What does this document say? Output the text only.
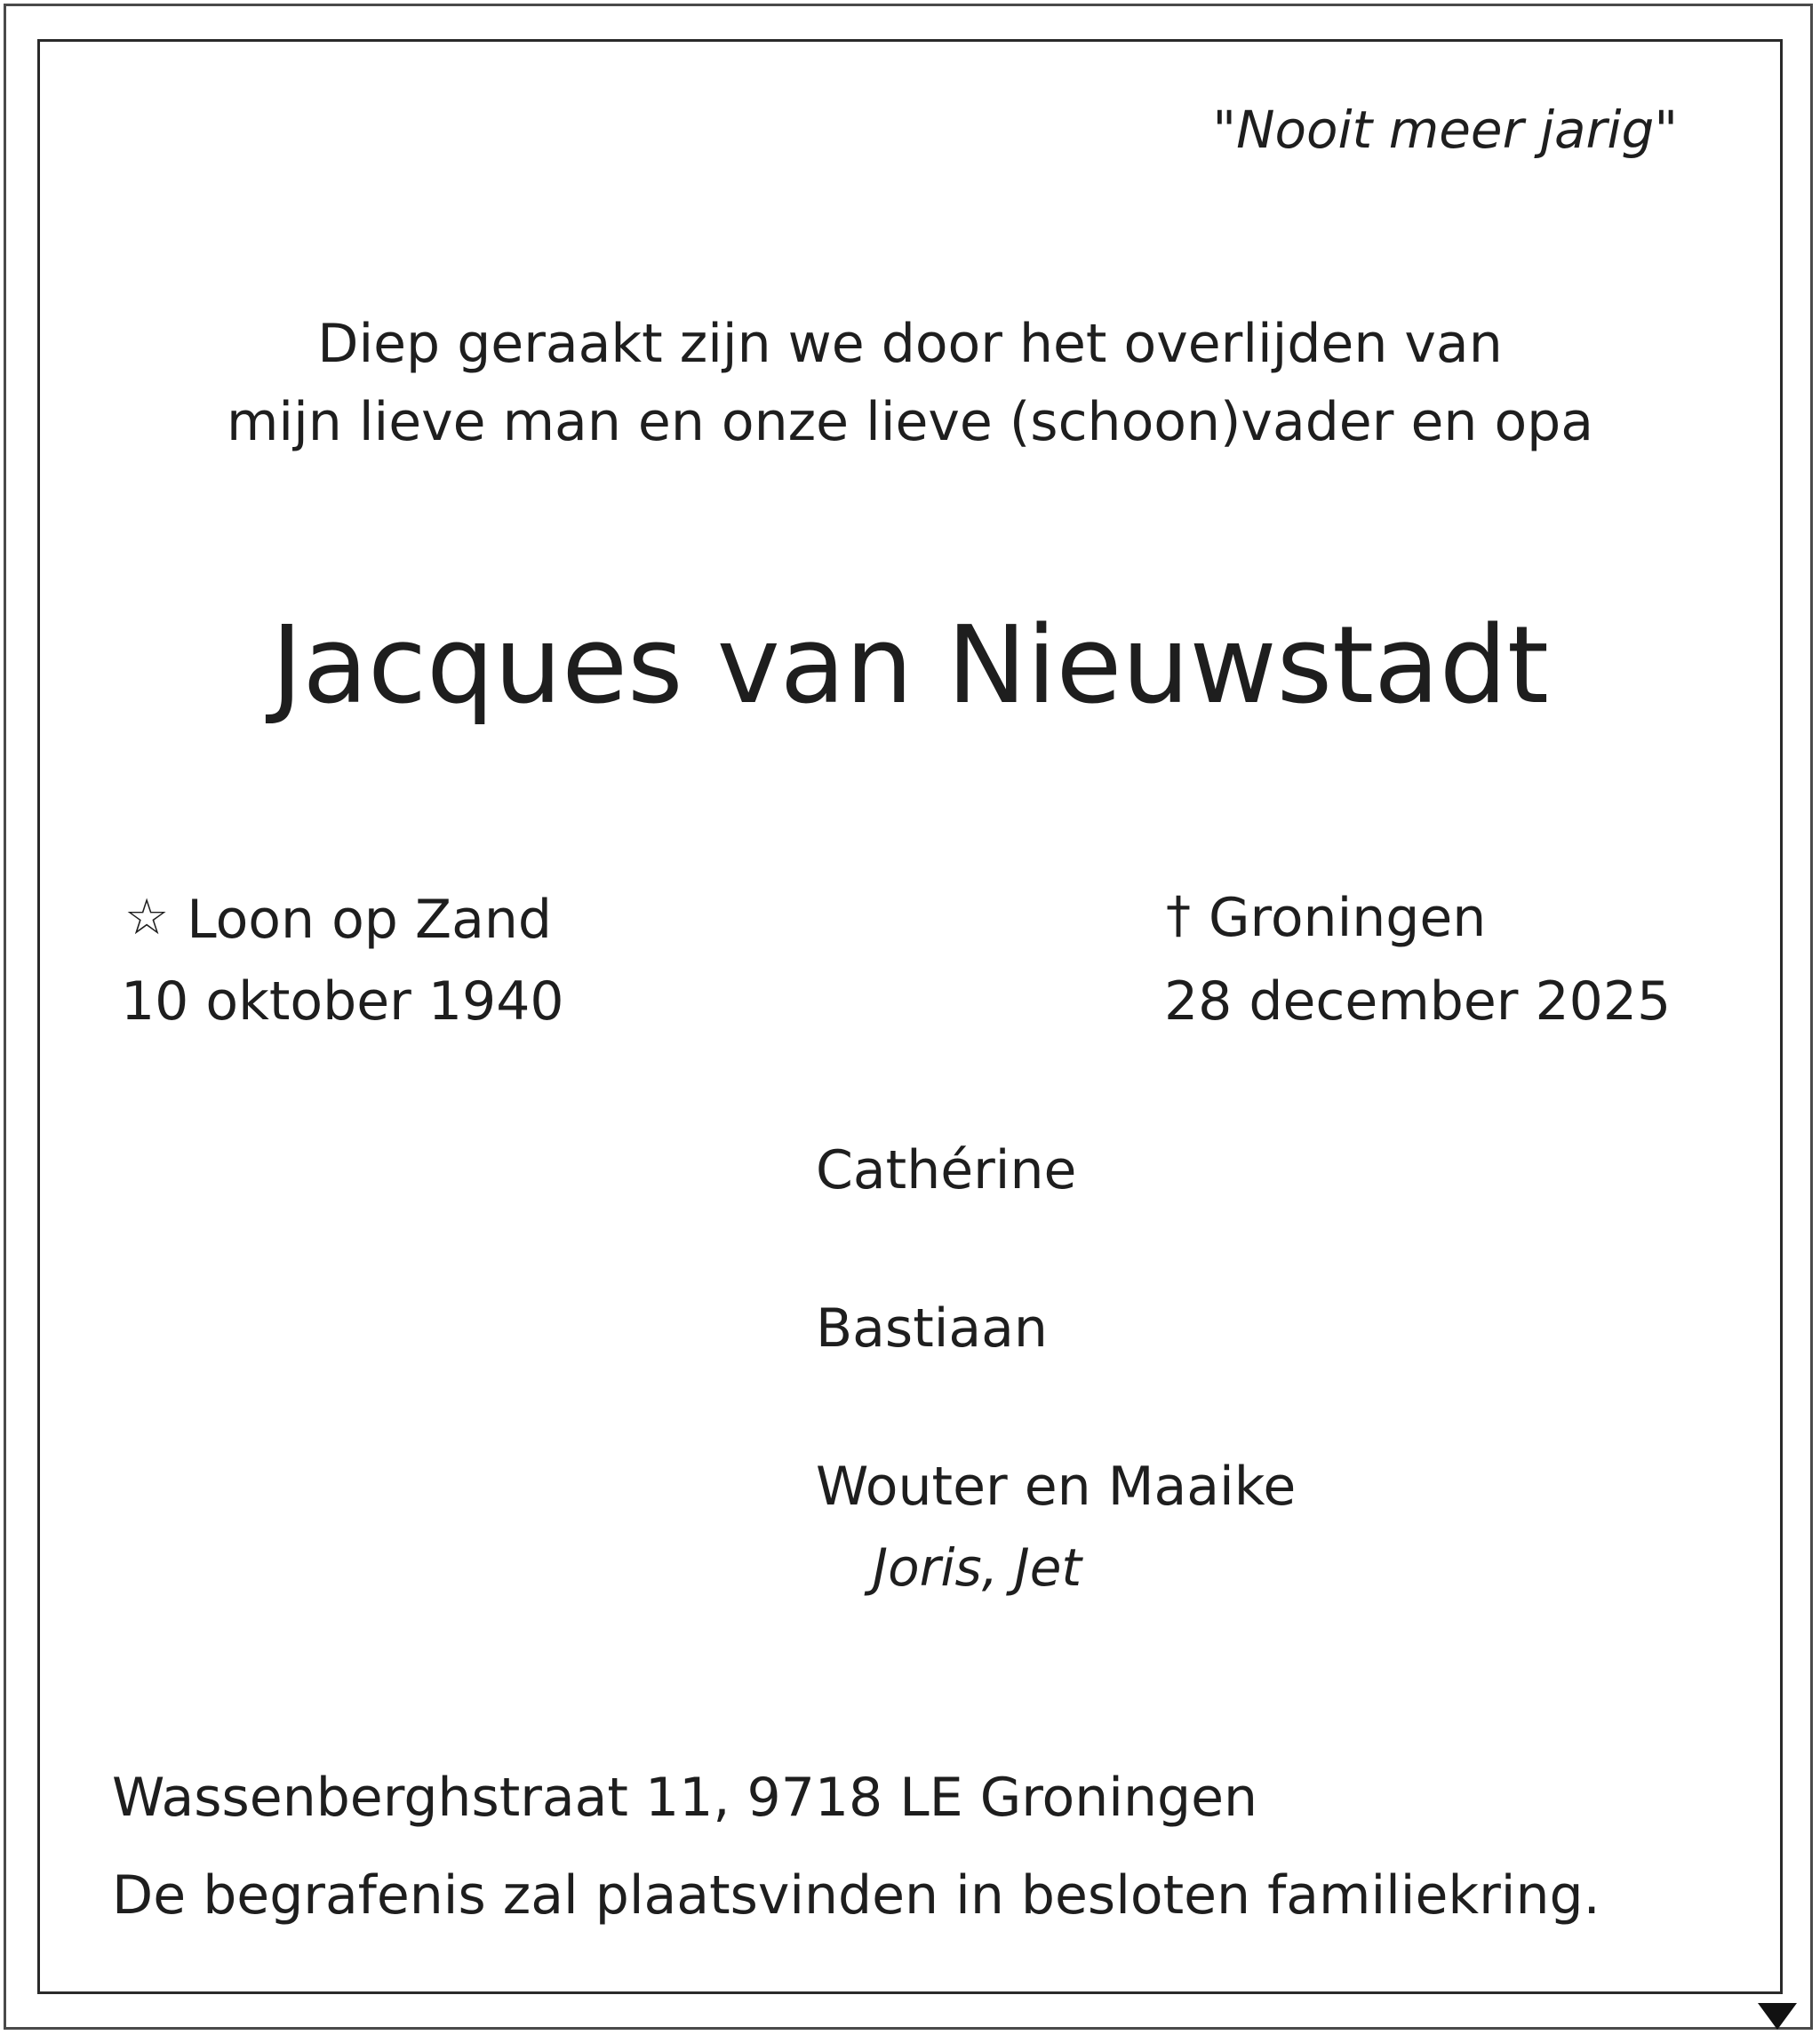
"Nooit meer jarig"

Diep geraakt zijn we door het overlijden van

mijn lieve man en onze lieve (schoon)vader en opa

Jacques van Nieuwstadt
☆ Loon op Zand
10 oktober 1940
† Groningen
28 december 2025
Cathérine
Bastiaan
Wouter en Maaike
Joris, Jet
Wassenberghstraat 11, 9718 LE Groningen
De begrafenis zal plaatsvinden in besloten familiekring.
